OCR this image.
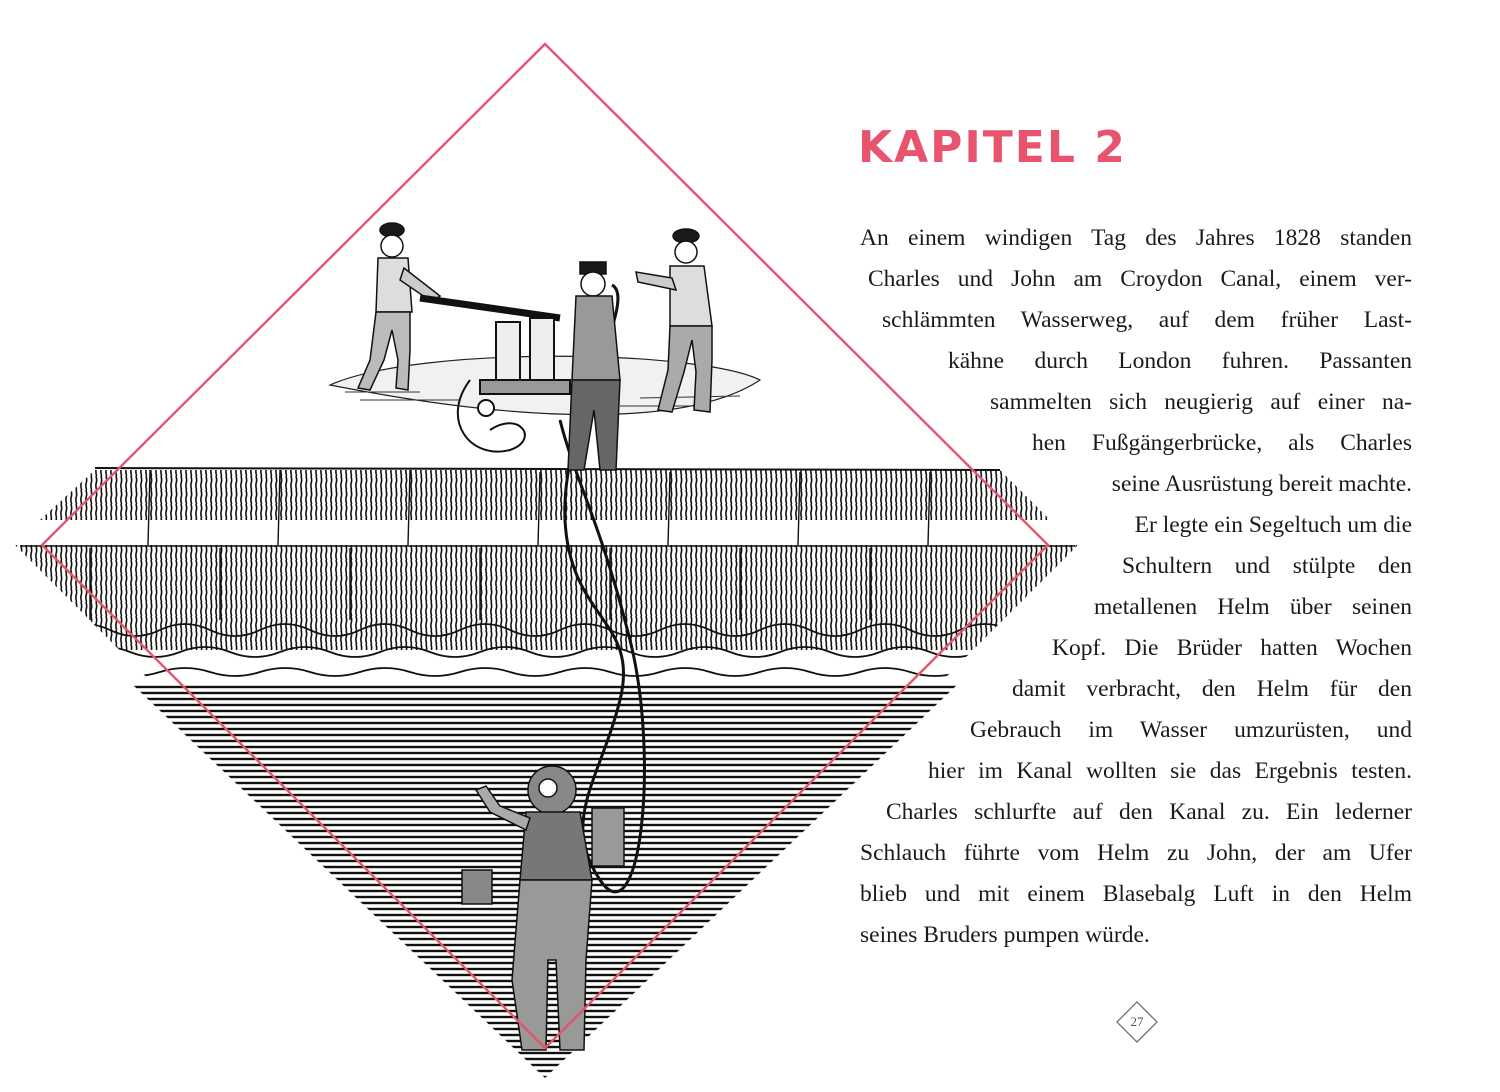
KAPITEL 2

An einem windigen Tag des Jahres 1828 standen
Charles und John am Croydon Canal, einem ver-
schlämmten Wasserweg, auf dem früher Last-
kähne durch London fuhren. Passanten
sammelten sich neugierig auf einer na-
hen Fußgängerbrücke, als Charles
seine Ausrüstung bereit machte.
Er legte ein Segeltuch um die
Schultern und stülpte den
metallenen Helm über seinen
Kopf. Die Brüder hatten Wochen
damit verbracht, den Helm für den
Gebrauch im Wasser umzurüsten, und
hier im Kanal wollten sie das Ergebnis testen.
Charles schlurfte auf den Kanal zu. Ein lederner
Schlauch führte vom Helm zu John, der am Ufer
blieb und mit einem Blasebalg Luft in den Helm
seines Bruders pumpen würde.

27
